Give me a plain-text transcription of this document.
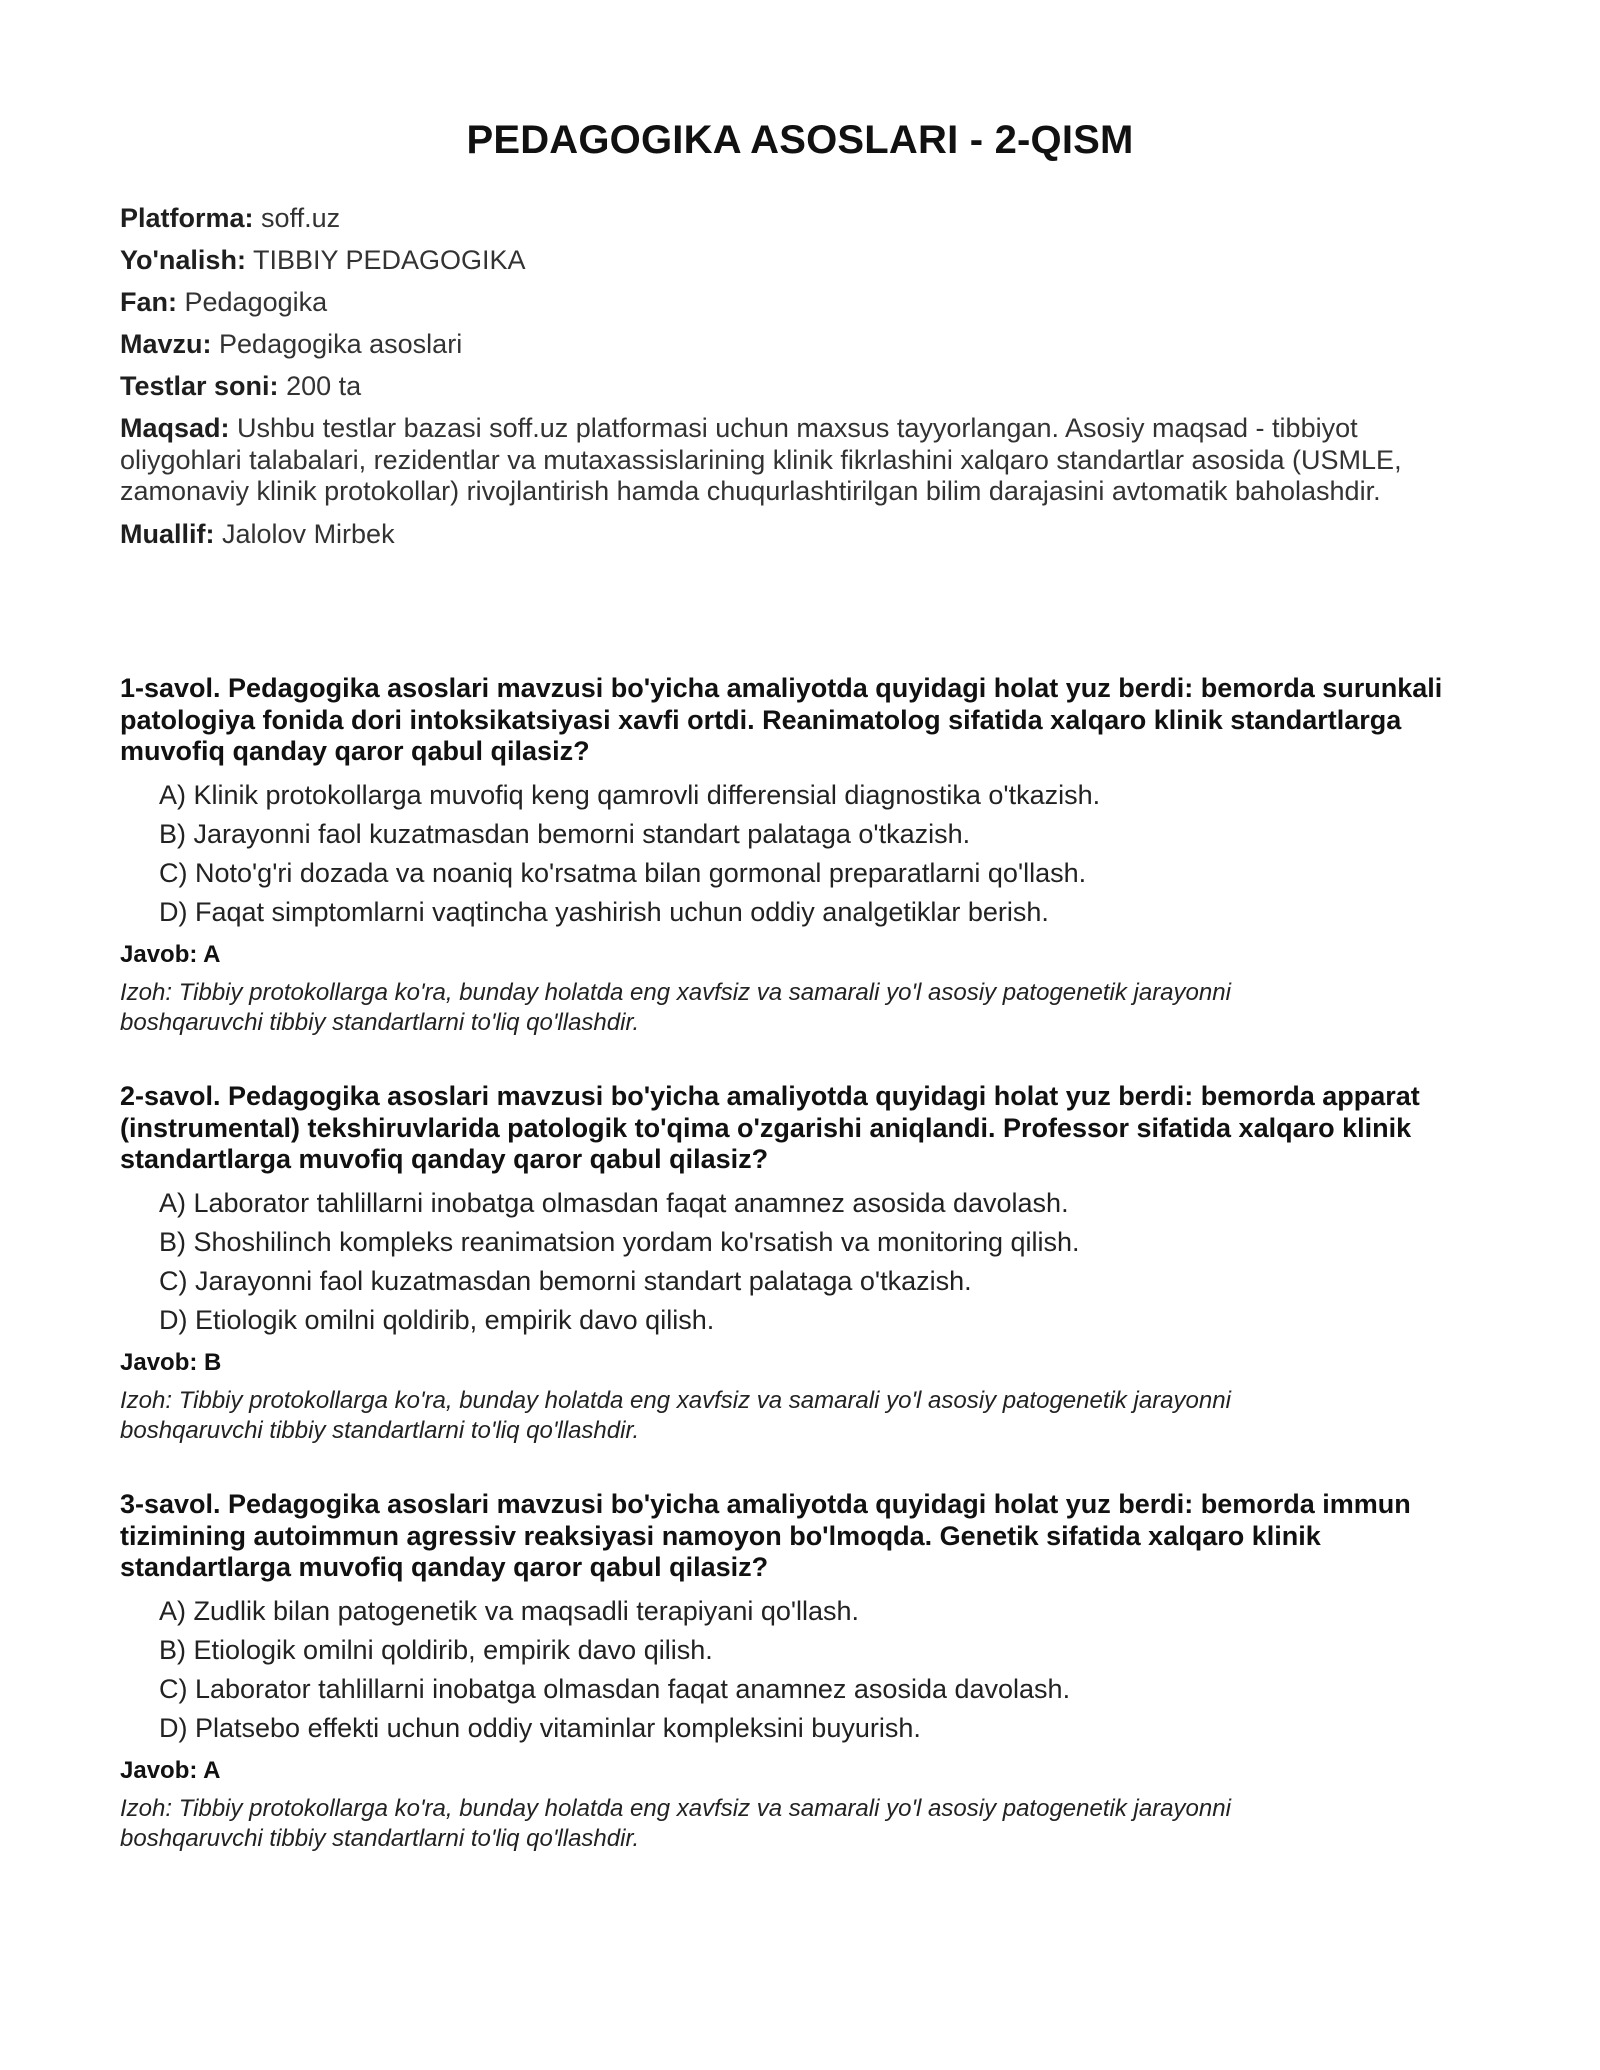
PEDAGOGIKA ASOSLARI - 2-QISM
Platforma: soff.uz
Yo'nalish: TIBBIY PEDAGOGIKA
Fan: Pedagogika
Mavzu: Pedagogika asoslari
Testlar soni: 200 ta
Maqsad: Ushbu testlar bazasi soff.uz platformasi uchun maxsus tayyorlangan. Asosiy maqsad - tibbiyot oliygohlari talabalari, rezidentlar va mutaxassislarining klinik fikrlashini xalqaro standartlar asosida (USMLE, zamonaviy klinik protokollar) rivojlantirish hamda chuqurlashtirilgan bilim darajasini avtomatik baholashdir.
Muallif: Jalolov Mirbek

1-savol. Pedagogika asoslari mavzusi bo'yicha amaliyotda quyidagi holat yuz berdi: bemorda surunkali patologiya fonida dori intoksikatsiyasi xavfi ortdi. Reanimatolog sifatida xalqaro klinik standartlarga muvofiq qanday qaror qabul qilasiz?

A) Klinik protokollarga muvofiq keng qamrovli differensial diagnostika o'tkazish.
B) Jarayonni faol kuzatmasdan bemorni standart palataga o'tkazish.
C) Noto'g'ri dozada va noaniq ko'rsatma bilan gormonal preparatlarni qo'llash.
D) Faqat simptomlarni vaqtincha yashirish uchun oddiy analgetiklar berish.
Javob: A
Izoh: Tibbiy protokollarga ko'ra, bunday holatda eng xavfsiz va samarali yo'l asosiy patogenetik jarayonni boshqaruvchi tibbiy standartlarni to'liq qo'llashdir.

2-savol. Pedagogika asoslari mavzusi bo'yicha amaliyotda quyidagi holat yuz berdi: bemorda apparat (instrumental) tekshiruvlarida patologik to'qima o'zgarishi aniqlandi. Professor sifatida xalqaro klinik standartlarga muvofiq qanday qaror qabul qilasiz?

A) Laborator tahlillarni inobatga olmasdan faqat anamnez asosida davolash.
B) Shoshilinch kompleks reanimatsion yordam ko'rsatish va monitoring qilish.
C) Jarayonni faol kuzatmasdan bemorni standart palataga o'tkazish.
D) Etiologik omilni qoldirib, empirik davo qilish.
Javob: B
Izoh: Tibbiy protokollarga ko'ra, bunday holatda eng xavfsiz va samarali yo'l asosiy patogenetik jarayonni boshqaruvchi tibbiy standartlarni to'liq qo'llashdir.

3-savol. Pedagogika asoslari mavzusi bo'yicha amaliyotda quyidagi holat yuz berdi: bemorda immun tizimining autoimmun agressiv reaksiyasi namoyon bo'lmoqda. Genetik sifatida xalqaro klinik standartlarga muvofiq qanday qaror qabul qilasiz?

A) Zudlik bilan patogenetik va maqsadli terapiyani qo'llash.
B) Etiologik omilni qoldirib, empirik davo qilish.
C) Laborator tahlillarni inobatga olmasdan faqat anamnez asosida davolash.
D) Platsebo effekti uchun oddiy vitaminlar kompleksini buyurish.
Javob: A
Izoh: Tibbiy protokollarga ko'ra, bunday holatda eng xavfsiz va samarali yo'l asosiy patogenetik jarayonni boshqaruvchi tibbiy standartlarni to'liq qo'llashdir.
